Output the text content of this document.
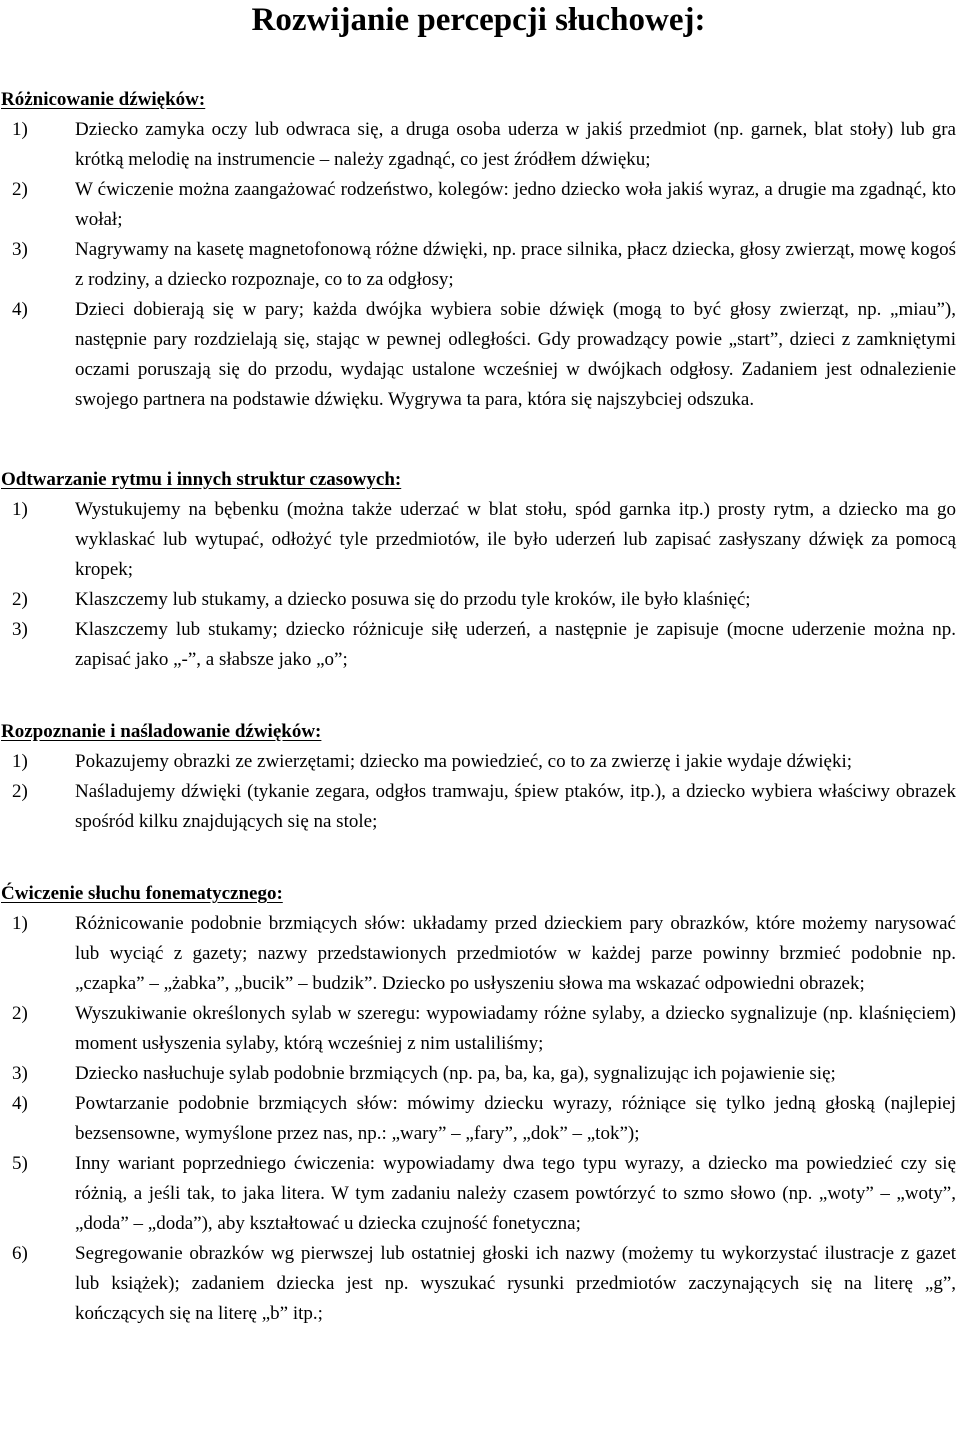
Rozwijanie percepcji słuchowej:
Różnicowanie dźwięków:
1)	Dziecko zamyka oczy lub odwraca się, a druga osoba uderza w jakiś przedmiot (np. garnek, blat stoły) lub gra krótką melodię na instrumencie – należy zgadnąć, co jest źródłem dźwięku;
2)	W ćwiczenie można zaangażować rodzeństwo, kolegów: jedno dziecko woła jakiś wyraz, a drugie ma zgadnąć, kto wołał;
3)	Nagrywamy na kasetę magnetofonową różne dźwięki, np. prace silnika, płacz dziecka, głosy zwierząt, mowę kogoś z rodziny, a dziecko rozpoznaje, co to za odgłosy;
4)	Dzieci dobierają się w pary; każda dwójka wybiera sobie dźwięk (mogą to być głosy zwierząt, np. „miau”), następnie pary rozdzielają się, stając w pewnej odległości. Gdy prowadzący powie „start”, dzieci z zamkniętymi oczami poruszają się do przodu, wydając ustalone wcześniej w dwójkach odgłosy. Zadaniem jest odnalezienie swojego partnera na podstawie dźwięku. Wygrywa ta para, która się najszybciej odszuka.
Odtwarzanie rytmu i innych struktur czasowych:
1)	Wystukujemy na bębenku (można także uderzać w blat stołu, spód garnka itp.) prosty rytm, a dziecko ma go wyklaskać lub wytupać, odłożyć tyle przedmiotów, ile było uderzeń lub zapisać zasłyszany dźwięk za pomocą kropek;
2)	Klaszczemy lub stukamy, a dziecko posuwa się do przodu tyle kroków, ile było klaśnięć;
3)	Klaszczemy lub stukamy; dziecko różnicuje siłę uderzeń, a następnie je zapisuje (mocne uderzenie można np. zapisać jako „-”, a słabsze jako „o”;
Rozpoznanie i naśladowanie dźwięków:
1)	Pokazujemy obrazki ze zwierzętami; dziecko ma powiedzieć, co to za zwierzę i jakie wydaje dźwięki;
2)	Naśladujemy dźwięki (tykanie zegara, odgłos tramwaju, śpiew ptaków, itp.), a dziecko wybiera właściwy obrazek spośród kilku znajdujących się na stole;
Ćwiczenie słuchu fonematycznego:
1)	Różnicowanie podobnie brzmiących słów: układamy przed dzieckiem pary obrazków, które możemy narysować lub wyciąć z gazety; nazwy przedstawionych przedmiotów w każdej parze powinny brzmieć podobnie np. „czapka” – „żabka”, „bucik” – budzik”. Dziecko po usłyszeniu słowa ma wskazać odpowiedni obrazek;
2)	Wyszukiwanie określonych sylab w szeregu: wypowiadamy różne sylaby, a dziecko sygnalizuje (np. klaśnięciem) moment usłyszenia sylaby, którą wcześniej z nim ustaliliśmy;
3)	Dziecko nasłuchuje sylab podobnie brzmiących (np. pa, ba, ka, ga), sygnalizując ich pojawienie się;
4)	Powtarzanie podobnie brzmiących słów: mówimy dziecku wyrazy, różniące się tylko jedną głoską (najlepiej bezsensowne, wymyślone przez nas, np.: „wary” – „fary”, „dok” – „tok”);
5)	Inny wariant poprzedniego ćwiczenia: wypowiadamy dwa tego typu wyrazy, a dziecko ma powiedzieć czy się różnią, a jeśli tak, to jaka litera. W tym zadaniu należy czasem powtórzyć to szmo słowo (np. „woty” – „woty”, „doda” – „doda”), aby kształtować u dziecka czujność fonetyczna;
6)	Segregowanie obrazków wg pierwszej lub ostatniej głoski ich nazwy (możemy tu wykorzystać ilustracje z gazet lub książek); zadaniem dziecka jest np. wyszukać rysunki przedmiotów zaczynających się na literę „g”, kończących się na literę „b” itp.;
